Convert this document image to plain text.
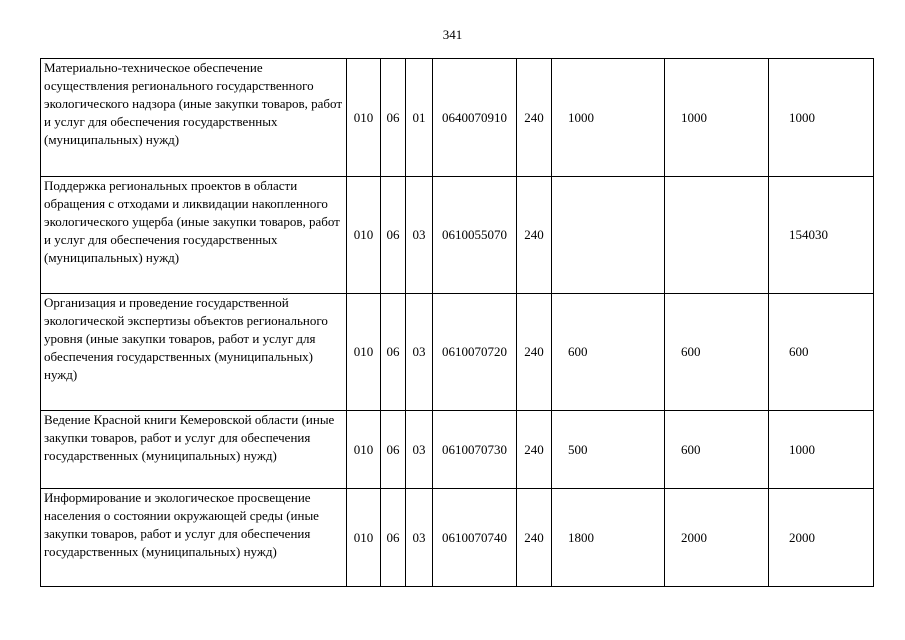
341
Материально-техническое обеспечение осуществления регионального государственного экологического надзора (иные закупки товаров, работ и услуг для обеспечения государственных (муниципальных) нужд)	010	06	01	0640070910	240	1000	1000	1000
Поддержка региональных проектов в области обращения с отходами и ликвидации накопленного экологического ущерба (иные закупки товаров, работ и услуг для обеспечения государственных (муниципальных) нужд)	010	06	03	0610055070	240			154030
Организация и проведение государственной экологической экспертизы объектов регионального уровня (иные закупки товаров, работ и услуг для обеспечения государственных (муниципальных) нужд)	010	06	03	0610070720	240	600	600	600
Ведение Красной книги Кемеровской области (иные закупки товаров, работ и услуг для обеспечения государственных (муниципальных) нужд)	010	06	03	0610070730	240	500	600	1000
Информирование и экологическое просвещение населения о состоянии окружающей среды (иные закупки товаров, работ и услуг для обеспечения государственных (муниципальных) нужд)	010	06	03	0610070740	240	1800	2000	2000
